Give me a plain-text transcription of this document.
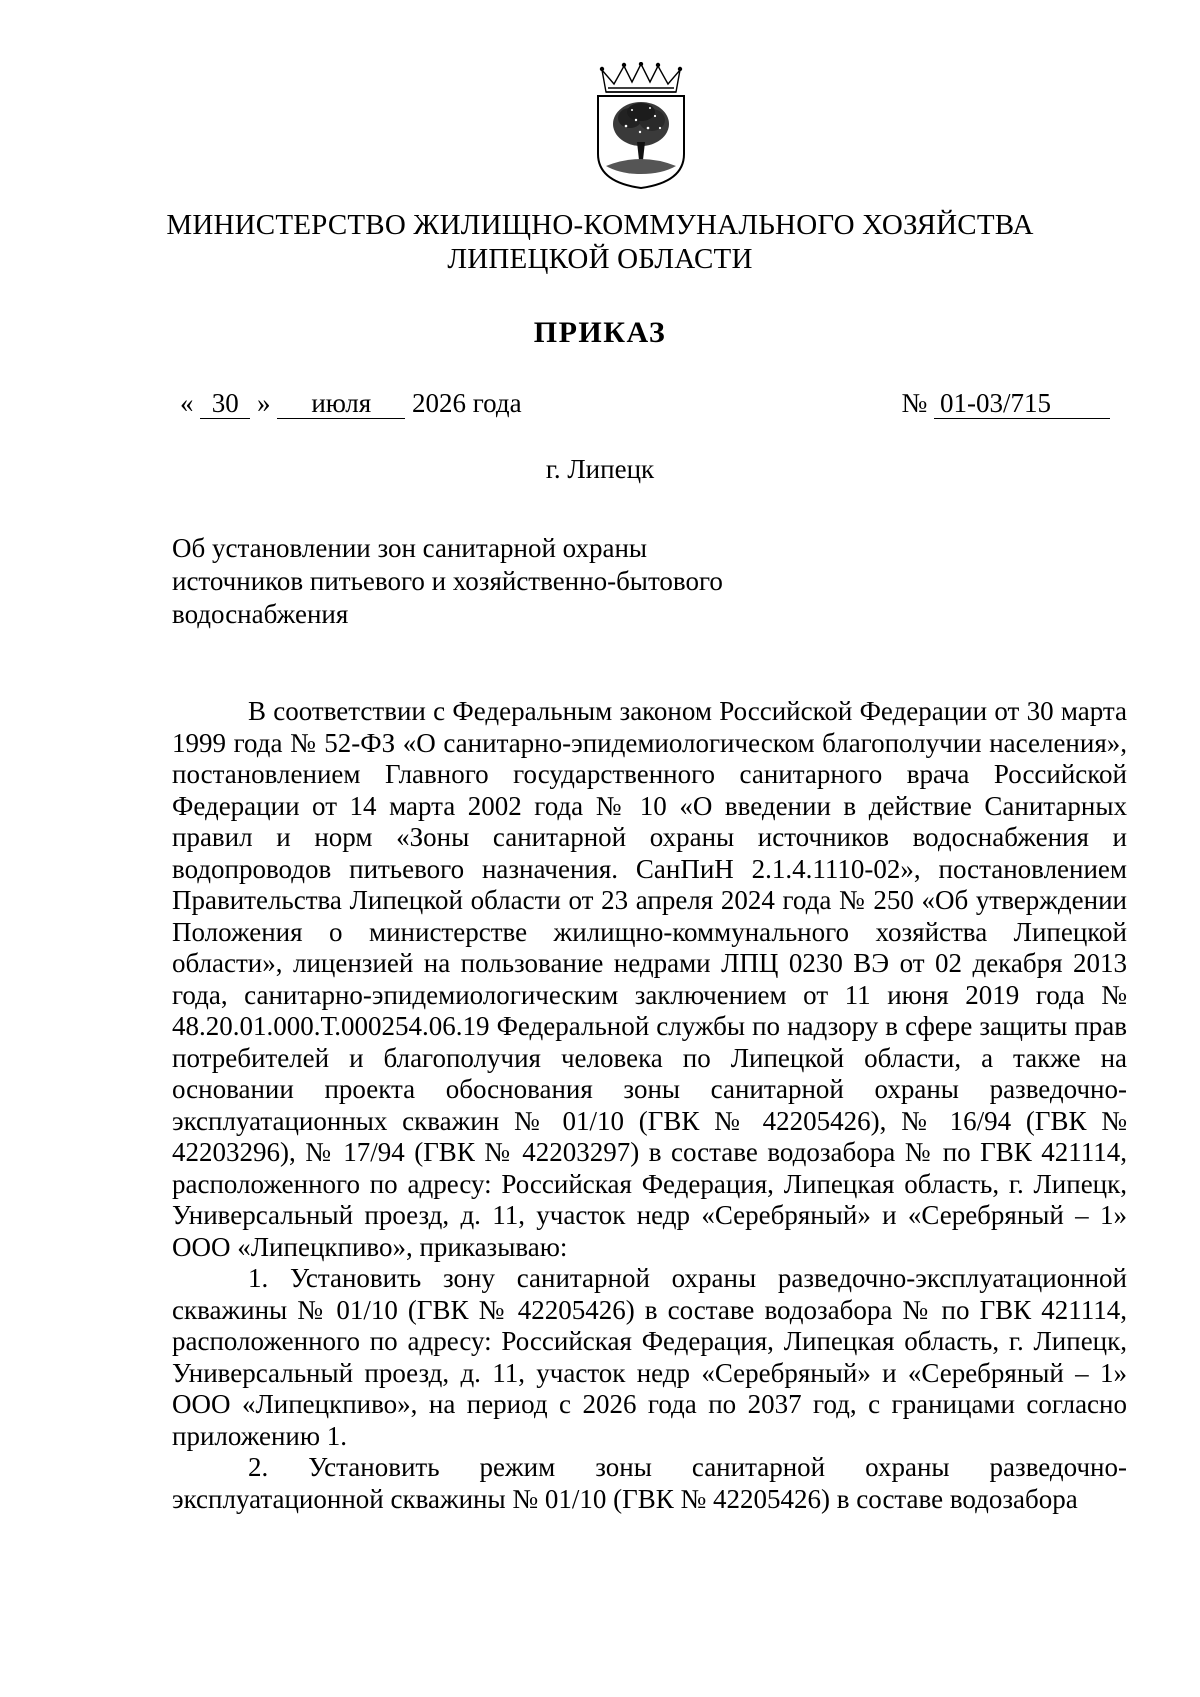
МИНИСТЕРСТВО ЖИЛИЩНО-КОММУНАЛЬНОГО ХОЗЯЙСТВА
ЛИПЕЦКОЙ ОБЛАСТИ
ПРИКАЗ
« 30 » июля 2026 года	№ 01-03/715
г. Липецк
Об установлении зон санитарной охраны
источников питьевого и хозяйственно-бытового
водоснабжения

В соответствии с Федеральным законом Российской Федерации от 30 марта 1999 года № 52-ФЗ «О санитарно-эпидемиологическом благополучии населения», постановлением Главного государственного санитарного врача Российской Федерации от 14 марта 2002 года № 10 «О введении в действие Санитарных правил и норм «Зоны санитарной охраны источников водоснабжения и водопроводов питьевого назначения. СанПиН 2.1.4.1110-02», постановлением Правительства Липецкой области от 23 апреля 2024 года № 250 «Об утверждении Положения о министерстве жилищно-коммунального хозяйства Липецкой области», лицензией на пользование недрами ЛПЦ 0230 ВЭ от 02 декабря 2013 года, санитарно-эпидемиологическим заключением от 11 июня 2019 года № 48.20.01.000.Т.000254.06.19 Федеральной службы по надзору в сфере защиты прав потребителей и благополучия человека по Липецкой области, а также на основании проекта обоснования зоны санитарной охраны разведочно-эксплуатационных скважин № 01/10 (ГВК № 42205426), № 16/94 (ГВК № 42203296), № 17/94 (ГВК № 42203297) в составе водозабора № по ГВК 421114, расположенного по адресу: Российская Федерация, Липецкая область, г. Липецк, Универсальный проезд, д. 11, участок недр «Серебряный» и «Серебряный – 1» ООО «Липецкпиво», приказываю:

1. Установить зону санитарной охраны разведочно-эксплуатационной скважины № 01/10 (ГВК № 42205426) в составе водозабора № по ГВК 421114, расположенного по адресу: Российская Федерация, Липецкая область, г. Липецк, Универсальный проезд, д. 11, участок недр «Серебряный» и «Серебряный – 1» ООО «Липецкпиво», на период с 2026 года по 2037 год, с границами согласно приложению 1.

2. Установить режим зоны санитарной охраны разведочно-эксплуатационной скважины № 01/10 (ГВК № 42205426) в составе водозабора
